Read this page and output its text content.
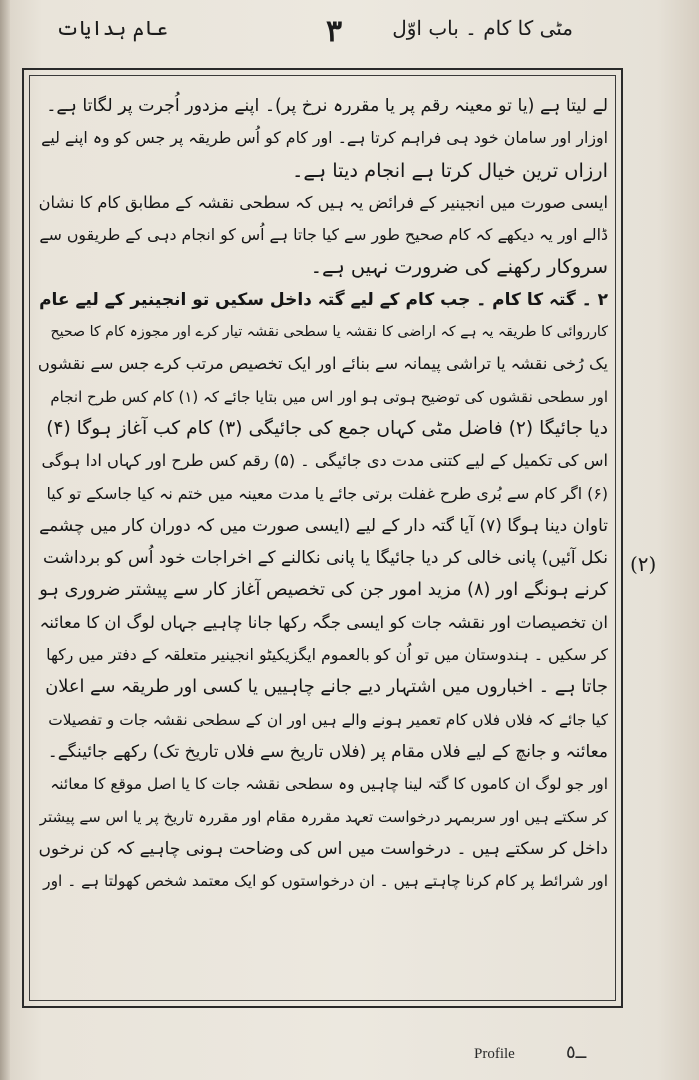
مٹی کا کام ۔ باب اوّل
۳
عام ہدایات
لے لیتا ہے (یا تو معینہ رقم پر یا مقررہ نرخ پر)۔ اپنے مزدور اُجرت پر لگاتا ہے۔
اوزار اور سامان خود ہی فراہم کرتا ہے۔ اور کام کو اُس طریقہ پر جس کو وہ اپنے لیے
ارزاں ترین خیال کرتا ہے انجام دیتا ہے۔
ایسی صورت میں انجینیر کے فرائض یہ ہیں کہ سطحی نقشہ کے مطابق کام کا نشان
ڈالے اور یہ دیکھے کہ کام صحیح طور سے کیا جاتا ہے اُس کو انجام دہی کے طریقوں سے
سروکار رکھنے کی ضرورت نہیں ہے۔
۲ ۔ گتہ کا کام ۔ جب کام کے لیے گتہ داخل سکیں تو انجینیر کے لیے عام
کارروائی کا طریقہ یہ ہے کہ اراضی کا نقشہ یا سطحی نقشہ تیار کرے اور مجوزہ کام کا صحیح
یک رُخی نقشہ یا تراشی پیمانہ سے بنائے اور ایک تخصیص مرتب کرے جس سے نقشوں
اور سطحی نقشوں کی توضیح ہوتی ہو اور اس میں بتایا جائے کہ (۱) کام کس طرح انجام
دیا جائیگا (۲) فاضل مٹی کہاں جمع کی جائیگی (۳) کام کب آغاز ہوگا (۴)
اس کی تکمیل کے لیے کتنی مدت دی جائیگی ۔ (۵) رقم کس طرح اور کہاں ادا ہوگی
(۶) اگر کام سے بُری طرح غفلت برتی جائے یا مدت معینہ میں ختم نہ کیا جاسکے تو کیا
تاوان دینا ہوگا (۷) آیا گتہ دار کے لیے (ایسی صورت میں کہ دوران کار میں چشمے
نکل آئیں) پانی خالی کر دیا جائیگا یا پانی نکالنے کے اخراجات خود اُس کو برداشت
کرنے ہونگے اور (۸) مزید امور جن کی تخصیص آغاز کار سے پیشتر ضروری ہو
ان تخصیصات اور نقشہ جات کو ایسی جگہ رکھا جانا چاہیے جہاں لوگ ان کا معائنہ
کر سکیں ۔ ہندوستان میں تو اُن کو بالعموم ایگزیکیٹو انجینیر متعلقہ کے دفتر میں رکھا
جاتا ہے ۔ اخباروں میں اشتہار دیے جانے چاہییں یا کسی اور طریقہ سے اعلان
کیا جائے کہ فلاں فلاں کام تعمیر ہونے والے ہیں اور ان کے سطحی نقشہ جات و تفصیلات
معائنہ و جانچ کے لیے فلاں مقام پر (فلاں تاریخ سے فلاں تاریخ تک) رکھے جائینگے۔
اور جو لوگ ان کاموں کا گتہ لینا چاہیں وہ سطحی نقشہ جات کا یا اصل موقع کا معائنہ
کر سکتے ہیں اور سربمہر درخواست تعہد مقررہ مقام اور مقررہ تاریخ پر یا اس سے پیشتر
داخل کر سکتے ہیں ۔ درخواست میں اس کی وضاحت ہونی چاہیے کہ کن نرخوں
اور شرائط پر کام کرنا چاہتے ہیں ۔ ان درخواستوں کو ایک معتمد شخص کھولتا ہے ۔ اور
(۲)
Profile	ــ٥
